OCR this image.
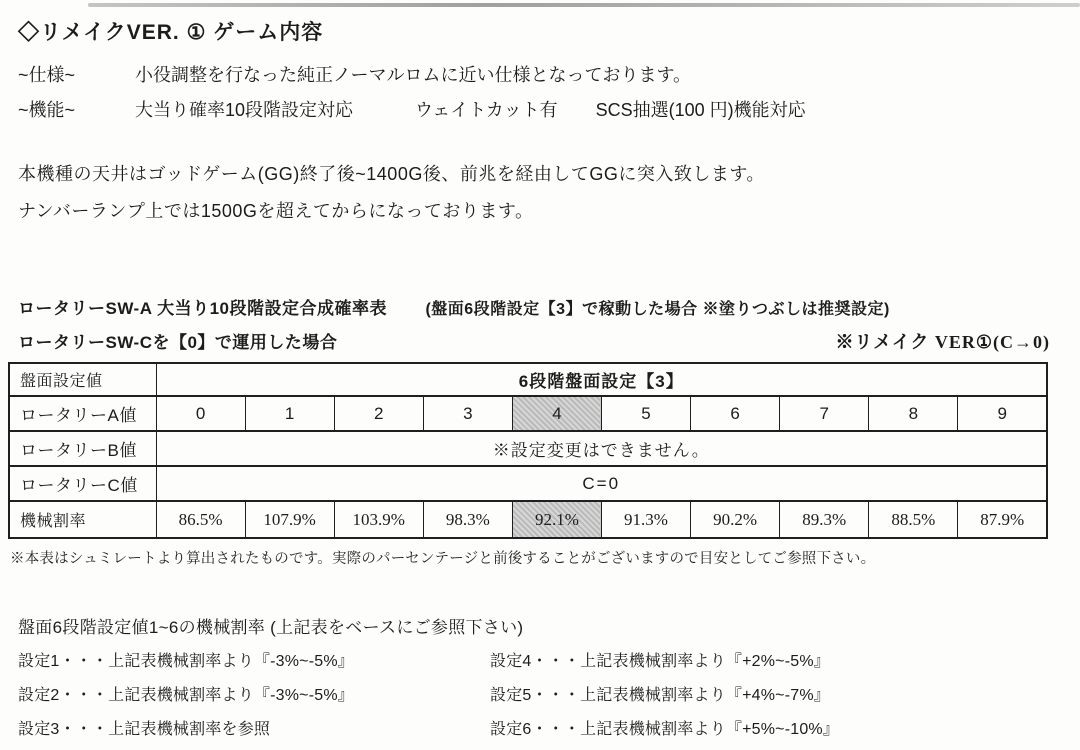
◇リメイクVER. ① ゲーム内容
~仕様~	小役調整を行なった純正ノーマルロムに近い仕様となっております。
~機能~	大当り確率10段階設定対応	ウェイトカット有 SCS抽選(100 円)機能対応
本機種の天井はゴッドゲーム(GG)終了後~1400G後、前兆を経由してGGに突入致します。
ナンバーランプ上では1500Gを超えてからになっております。
ロータリーSW-A 大当り10段階設定合成確率表 (盤面6段階設定【3】で稼動した場合 ※塗りつぶしは推奨設定)
ロータリーSW-Cを【0】で運用した場合	※リメイク VER①(C→0)
盤面設定値	6段階盤面設定【3】									
ロータリーA値	0	1	2	3	4	5	6	7	8	9
ロータリーB値	※設定変更はできません。									
ロータリーC値	C=0									
機械割率	86.5%	107.9%	103.9%	98.3%	92.1%	91.3%	90.2%	89.3%	88.5%	87.9%
※本表はシュミレートより算出されたものです。実際のパーセンテージと前後することがございますので目安としてご参照下さい。
盤面6段階設定値1~6の機械割率 (上記表をベースにご参照下さい)
設定1・・・上記表機械割率より『-3%~-5%』	設定4・・・上記表機械割率より『+2%~-5%』
設定2・・・上記表機械割率より『-3%~-5%』	設定5・・・上記表機械割率より『+4%~-7%』
設定3・・・上記表機械割率を参照	設定6・・・上記表機械割率より『+5%~-10%』
